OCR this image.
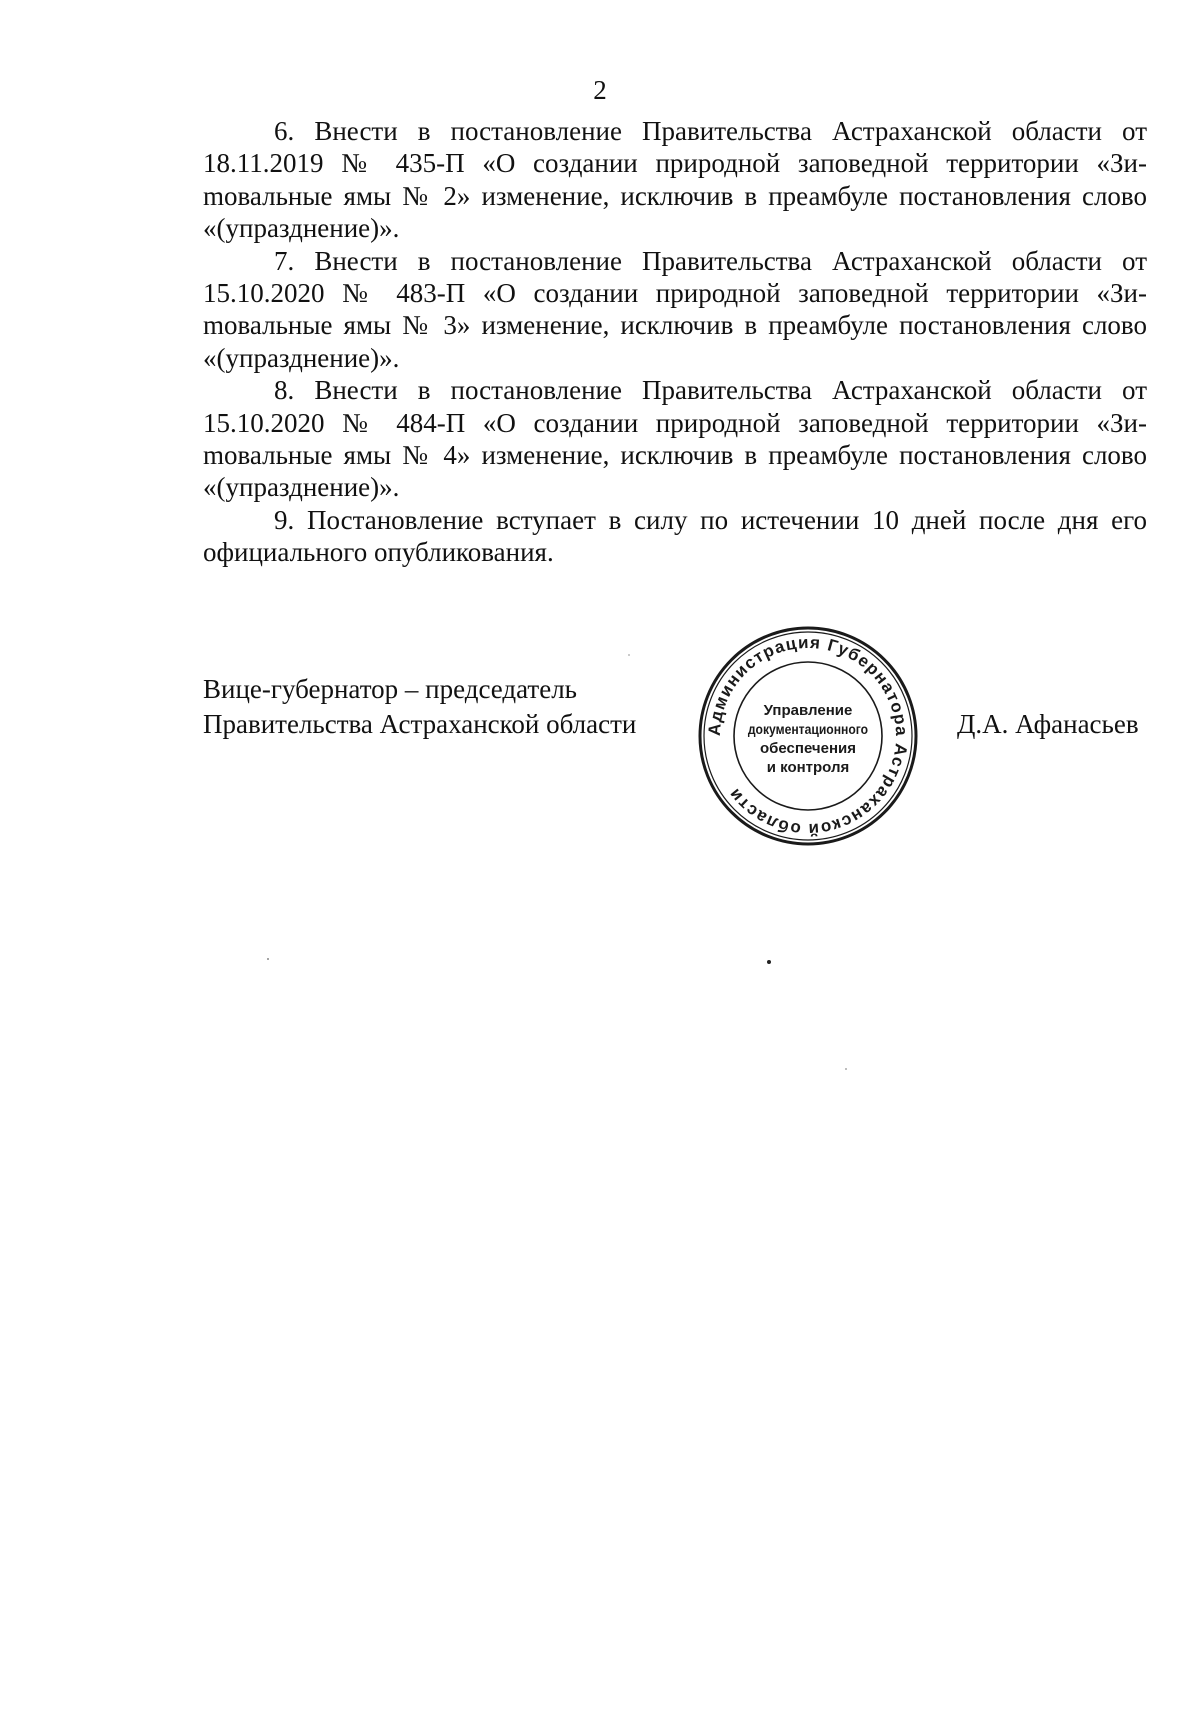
2

6. Внести в постановление Правительства Астраханской области от 18.11.2019 № 435-П «О создании природной заповедной территории «Зиmовальные ямы № 2» изменение, исключив в преамбуле постановления слово «(упразднение)».

7. Внести в постановление Правительства Астраханской области от 15.10.2020 № 483-П «О создании природной заповедной территории «Зиmовальные ямы № 3» изменение, исключив в преамбуле постановления слово «(упразднение)».

8. Внести в постановление Правительства Астраханской области от 15.10.2020 № 484-П «О создании природной заповедной территории «Зиmовальные ямы № 4» изменение, исключив в преамбуле постановления слово «(упразднение)».

9. Постановление вступает в силу по истечении 10 дней после дня его официального опубликования.

Вице-губернатор – председатель
Правительства Астраханской области	Д.А. Афанасьев
Администрация Губернатора Астраханской области
Управление
документационного
обеспечения
и контроля
